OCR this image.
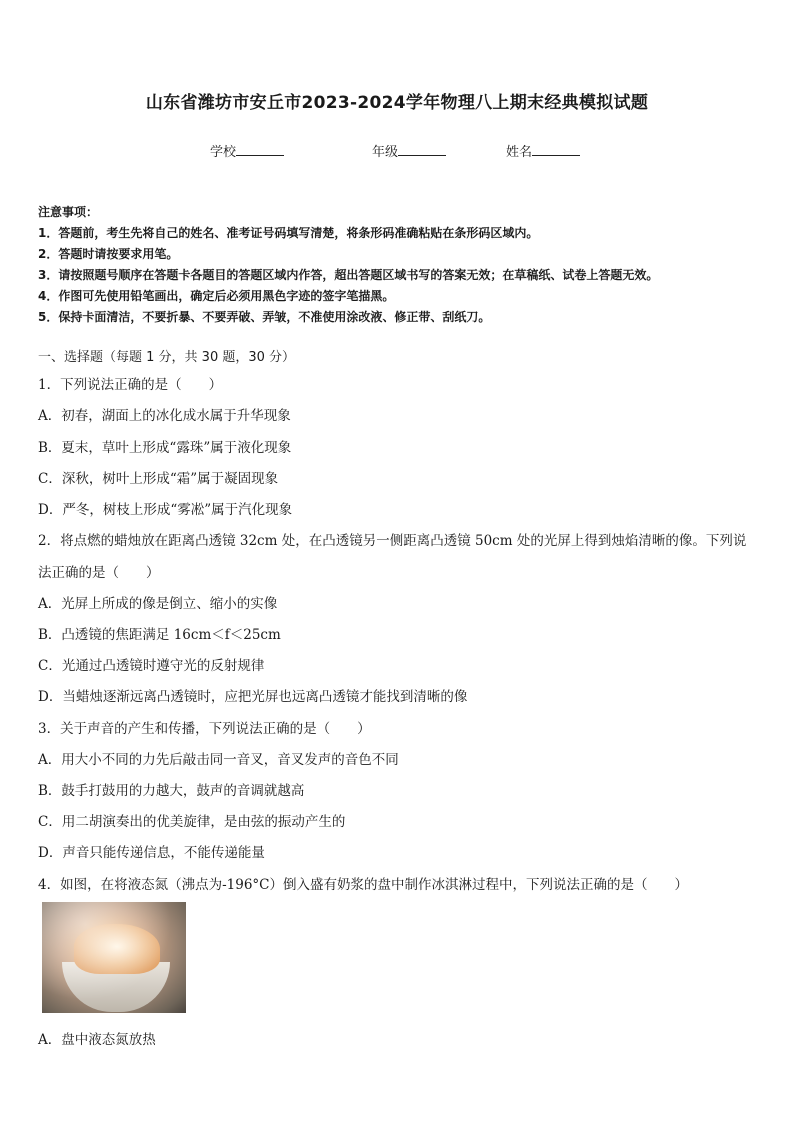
山东省潍坊市安丘市2023-2024学年物理八上期末经典模拟试题
学校	年级	姓名
注意事项：
1．答题前，考生先将自己的姓名、准考证号码填写清楚，将条形码准确粘贴在条形码区域内。
2．答题时请按要求用笔。
3．请按照题号顺序在答题卡各题目的答题区域内作答，超出答题区域书写的答案无效；在草稿纸、试卷上答题无效。
4．作图可先使用铅笔画出，确定后必须用黑色字迹的签字笔描黑。
5．保持卡面清洁，不要折暴、不要弄破、弄皱，不准使用涂改液、修正带、刮纸刀。
一、选择题（每题 1 分，共 30 题，30 分）
1．下列说法正确的是（　　）
A．初春，湖面上的冰化成水属于升华现象
B．夏末，草叶上形成“露珠”属于液化现象
C．深秋，树叶上形成“霜”属于凝固现象
D．严冬，树枝上形成“雾凇”属于汽化现象
2．将点燃的蜡烛放在距离凸透镜 32cm 处，在凸透镜另一侧距离凸透镜 50cm 处的光屏上得到烛焰清晰的像。下列说
法正确的是（　　）
A．光屏上所成的像是倒立、缩小的实像
B．凸透镜的焦距满足 16cm＜f＜25cm
C．光通过凸透镜时遵守光的反射规律
D．当蜡烛逐渐远离凸透镜时，应把光屏也远离凸透镜才能找到清晰的像
3．关于声音的产生和传播，下列说法正确的是（　　）
A．用大小不同的力先后敲击同一音叉，音叉发声的音色不同
B．鼓手打鼓用的力越大，鼓声的音调就越高
C．用二胡演奏出的优美旋律，是由弦的振动产生的
D．声音只能传递信息，不能传递能量
4．如图，在将液态氮（沸点为-196°C）倒入盛有奶浆的盘中制作冰淇淋过程中，下列说法正确的是（　　）
A．盘中液态氮放热
